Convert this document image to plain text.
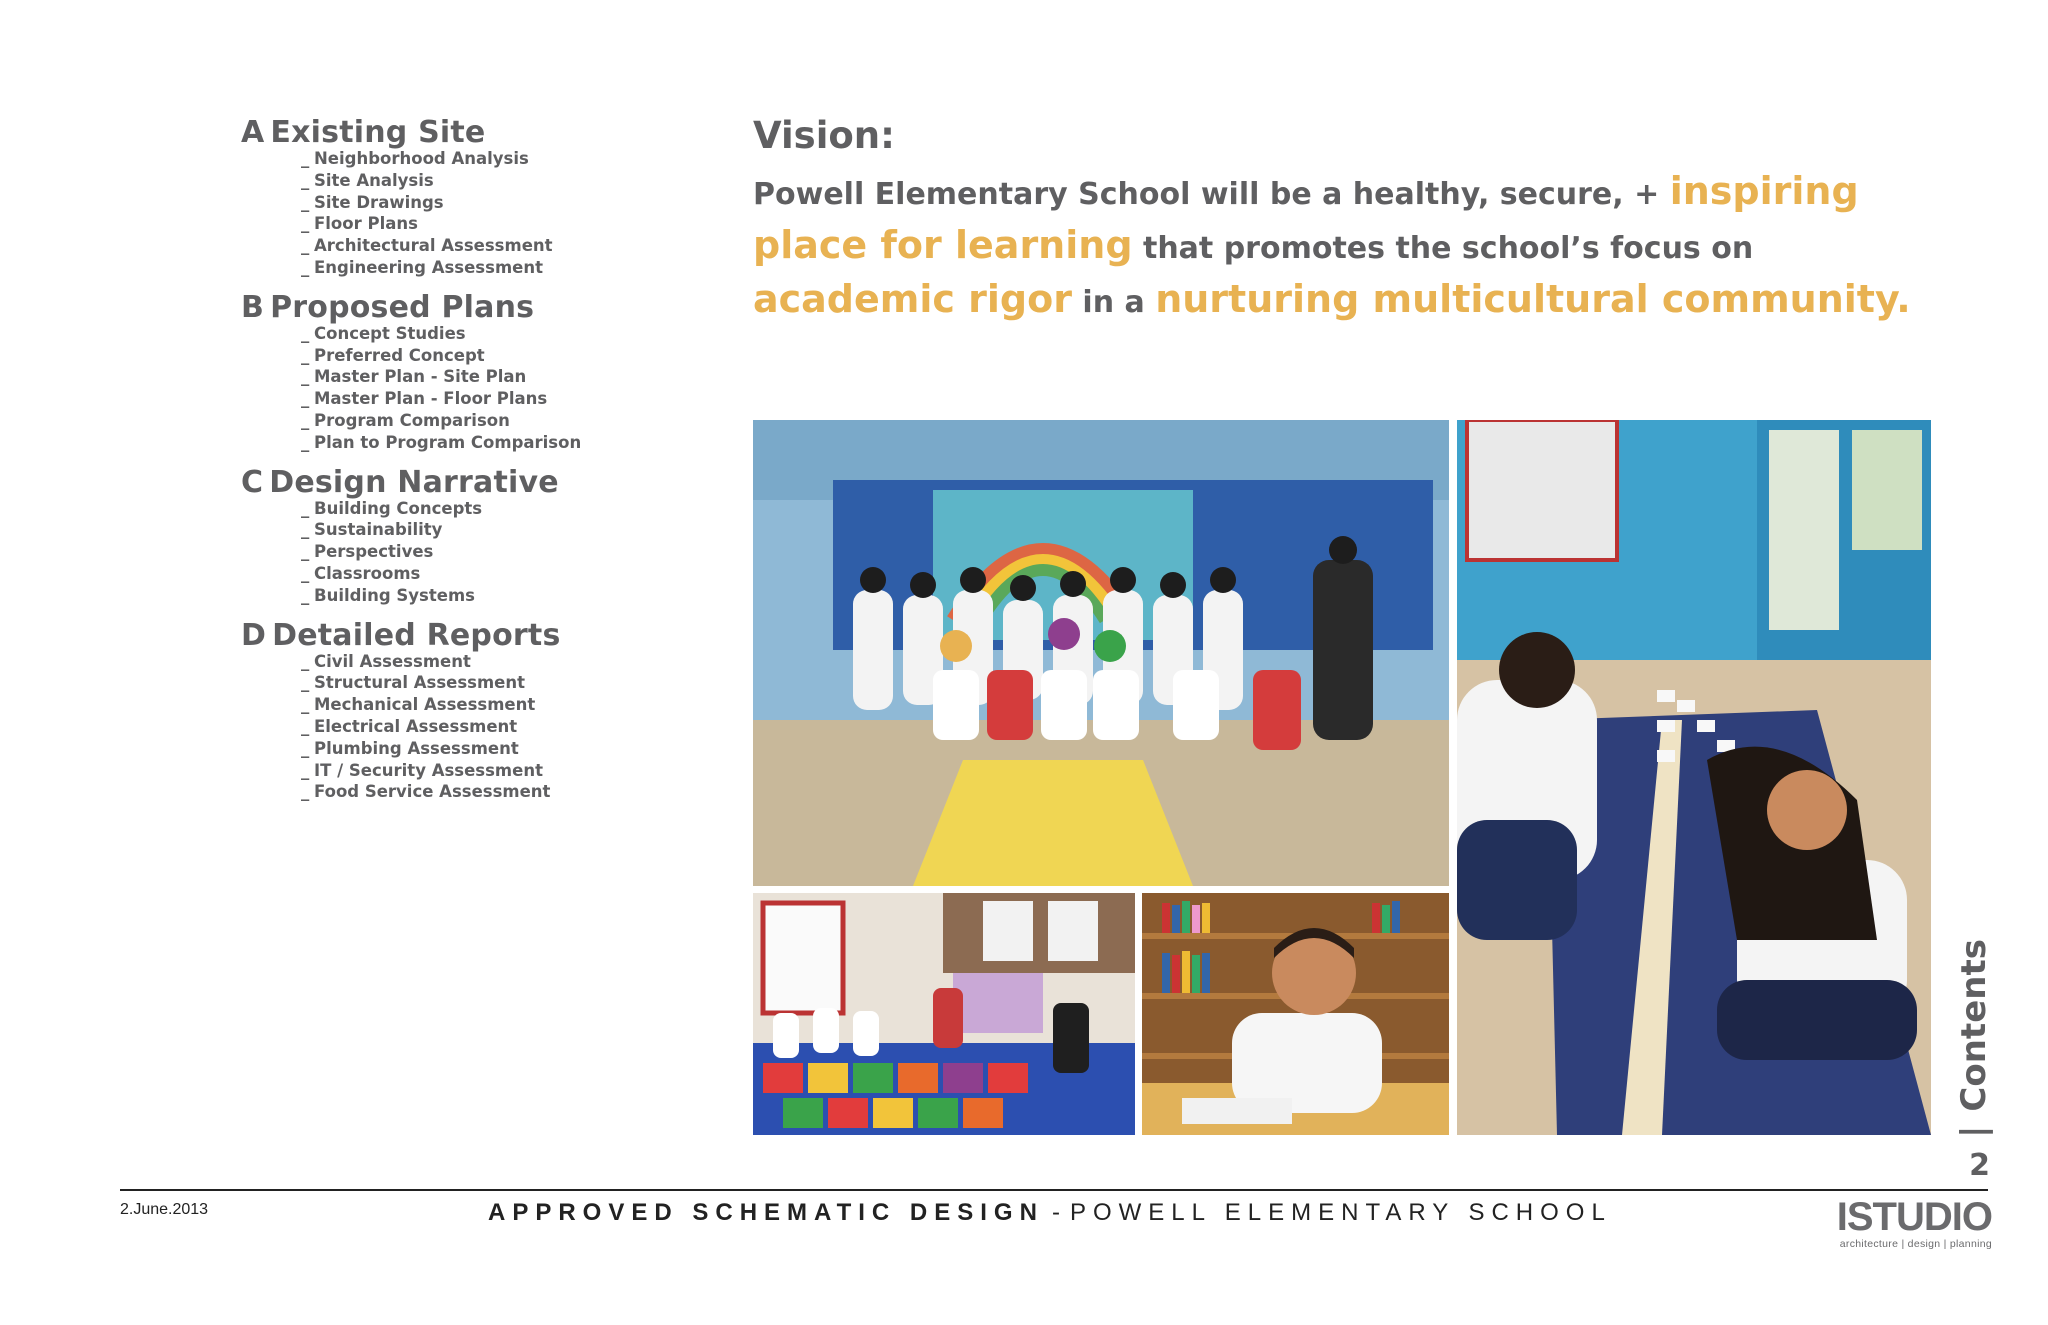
A Existing Site
_ Neighborhood Analysis
_ Site Analysis
_ Site Drawings
_ Floor Plans
_ Architectural Assessment
_ Engineering Assessment
B Proposed Plans
_ Concept Studies
_ Preferred Concept
_ Master Plan - Site Plan
_ Master Plan - Floor Plans
_ Program Comparison
_ Plan to Program Comparison
C Design Narrative
_ Building Concepts
_ Sustainability
_ Perspectives
_ Classrooms
_ Building Systems
D Detailed Reports
_ Civil Assessment
_ Structural Assessment
_ Mechanical Assessment
_ Electrical Assessment
_ Plumbing Assessment
_ IT / Security Assessment
_ Food Service Assessment
Vision:
Powell Elementary School will be a healthy, secure, + inspiring place for learning that promotes the school’s focus on academic rigor in a nurturing multicultural community.
|Contents
2
2.June.2013	APPROVED SCHEMATIC DESIGN - POWELL ELEMENTARY SCHOOL	ISTUDIO
architecture | design | planning
